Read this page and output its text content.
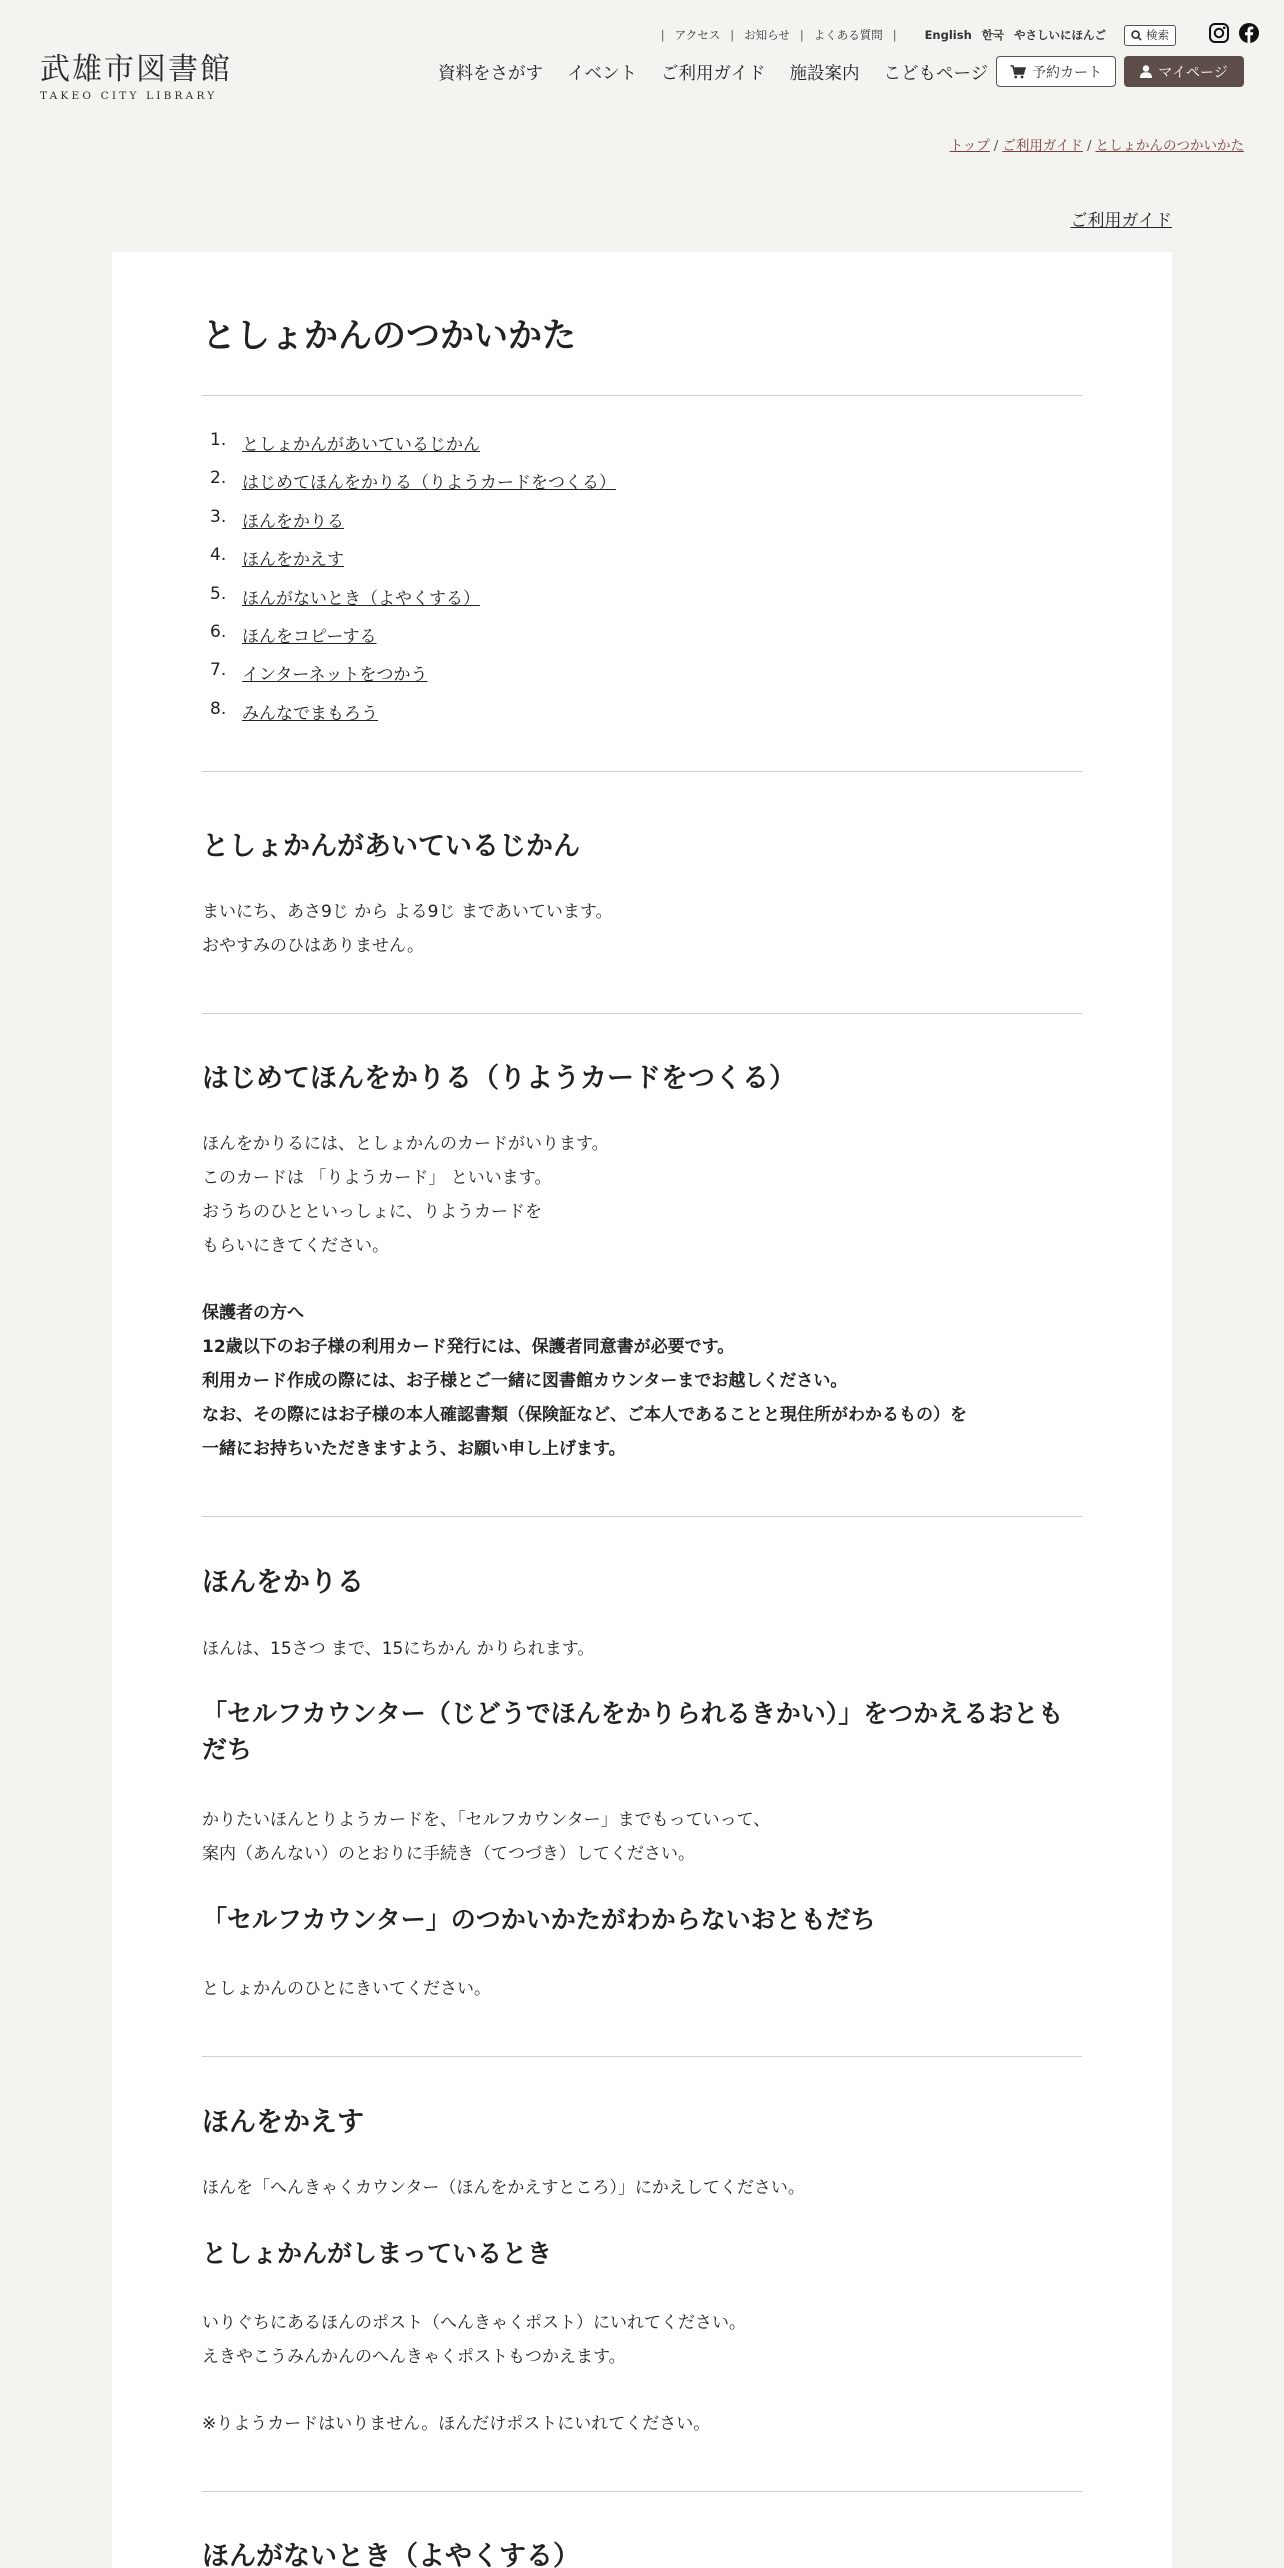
武雄市図書館
TAKEO CITY LIBRARY
| アクセス | お知らせ | よくある質問 | English 한국 やさしいにほんご	検索
資料をさがす イベント ご利用ガイド 施設案内 こどもページ	予約カート	マイページ
トップ / ご利用ガイド / としょかんのつかいかた
ご利用ガイド
としょかんのつかいかた
1. としょかんがあいているじかん
2. はじめてほんをかりる（りようカードをつくる）
3. ほんをかりる
4. ほんをかえす
5. ほんがないとき（よやくする）
6. ほんをコピーする
7. インターネットをつかう
8. みんなでまもろう
としょかんがあいているじかん
まいにち、あさ9じ から よる9じ まであいています。
おやすみのひはありません。
はじめてほんをかりる（りようカードをつくる）
ほんをかりるには、としょかんのカードがいります。
このカードは 「りようカード」 といいます。
おうちのひとといっしょに、りようカードを
もらいにきてください。
保護者の方へ
12歳以下のお子様の利用カード発行には、保護者同意書が必要です。
利用カード作成の際には、お子様とご一緒に図書館カウンターまでお越しください。
なお、その際にはお子様の本人確認書類（保険証など、ご本人であることと現住所がわかるもの）を
一緒にお持ちいただきますよう、お願い申し上げます。
ほんをかりる
ほんは、15さつ まで、15にちかん かりられます。
「セルフカウンター（じどうでほんをかりられるきかい）」をつかえるおともだち
かりたいほんとりようカードを、「セルフカウンター」までもっていって、
案内（あんない）のとおりに手続き（てつづき）してください。
「セルフカウンター」のつかいかたがわからないおともだち
としょかんのひとにきいてください。
ほんをかえす
ほんを「へんきゃくカウンター（ほんをかえすところ）」にかえしてください。
としょかんがしまっているとき
いりぐちにあるほんのポスト（へんきゃくポスト）にいれてください。
えきやこうみんかんのへんきゃくポストもつかえます。
※りようカードはいりません。ほんだけポストにいれてください。
ほんがないとき（よやくする）
